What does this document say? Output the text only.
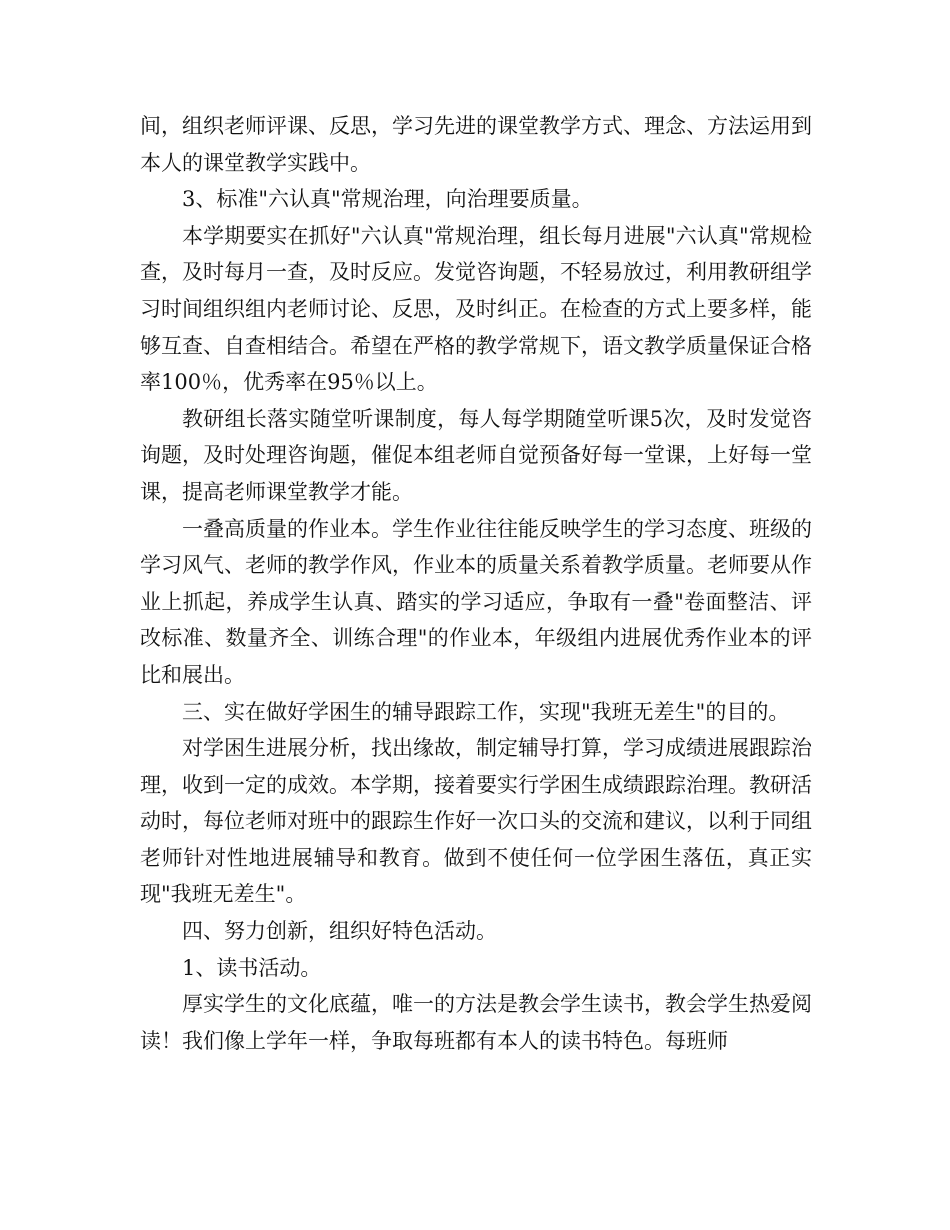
间，组织老师评课、反思，学习先进的课堂教学方式、理念、方法运用到本人的课堂教学实践中。

3、标准"六认真"常规治理，向治理要质量。

本学期要实在抓好"六认真"常规治理，组长每月进展"六认真"常规检查，及时每月一查，及时反应。发觉咨询题，不轻易放过，利用教研组学习时间组织组内老师讨论、反思，及时纠正。在检查的方式上要多样，能够互查、自查相结合。希望在严格的教学常规下，语文教学质量保证合格率100％，优秀率在95％以上。

教研组长落实随堂听课制度，每人每学期随堂听课5次，及时发觉咨询题，及时处理咨询题，催促本组老师自觉预备好每一堂课，上好每一堂课，提高老师课堂教学才能。

一叠高质量的作业本。学生作业往往能反映学生的学习态度、班级的学习风气、老师的教学作风，作业本的质量关系着教学质量。老师要从作业上抓起，养成学生认真、踏实的学习适应，争取有一叠"卷面整洁、评改标准、数量齐全、训练合理"的作业本，年级组内进展优秀作业本的评比和展出。

三、实在做好学困生的辅导跟踪工作，实现"我班无差生"的目的。

对学困生进展分析，找出缘故，制定辅导打算，学习成绩进展跟踪治理，收到一定的成效。本学期，接着要实行学困生成绩跟踪治理。教研活动时，每位老师对班中的跟踪生作好一次口头的交流和建议，以利于同组老师针对性地进展辅导和教育。做到不使任何一位学困生落伍，真正实现"我班无差生"。

四、努力创新，组织好特色活动。

1、读书活动。

厚实学生的文化底蕴，唯一的方法是教会学生读书，教会学生热爱阅读！我们像上学年一样，争取每班都有本人的读书特色。每班师
